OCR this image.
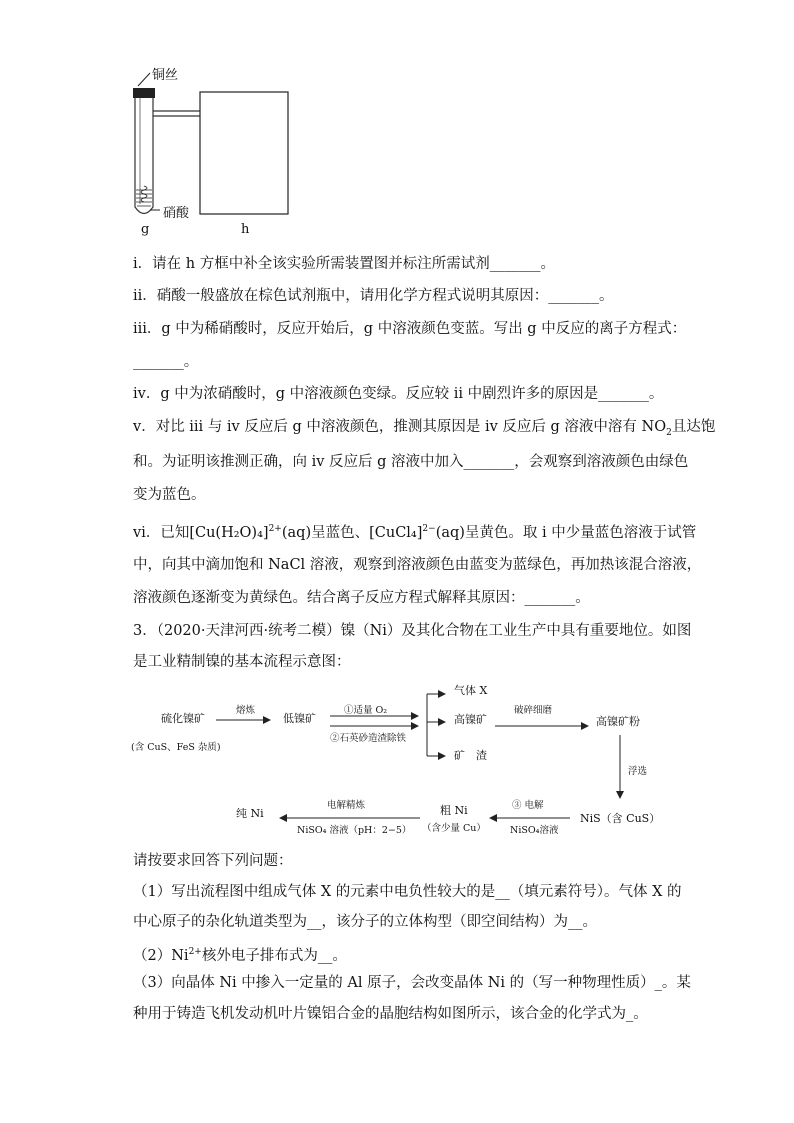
铜丝
硝酸
g	h
ⅰ．请在 h 方框中补全该实验所需装置图并标注所需试剂_______。
ⅱ．硝酸一般盛放在棕色试剂瓶中，请用化学方程式说明其原因：_______。
ⅲ．g 中为稀硝酸时，反应开始后，g 中溶液颜色变蓝。写出 g 中反应的离子方程式：
_______。
ⅳ．g 中为浓硝酸时，g 中溶液颜色变绿。反应较 ⅱ 中剧烈许多的原因是_______。
ⅴ．对比 ⅲ 与 ⅳ 反应后 g 中溶液颜色，推测其原因是 ⅳ 反应后 g 溶液中溶有 $NO_2$且达饱
和。为证明该推测正确，向 ⅳ 反应后 g 溶液中加入_______，会观察到溶液颜色由绿色
变为蓝色。
ⅵ．已知$[Cu(H_2O)_4]^{2+}(aq)$呈蓝色、[CuCl₄]$^{2-}$(aq)呈黄色。取 ⅰ 中少量蓝色溶液于试管
中，向其中滴加饱和 NaCl 溶液，观察到溶液颜色由蓝变为蓝绿色，再加热该混合溶液，
溶液颜色逐渐变为黄绿色。结合离子反应方程式解释其原因：_______。
3．（2020·天津河西·统考二模）镍（Ni）及其化合物在工业生产中具有重要地位。如图
是工业精制镍的基本流程示意图：
硫化镍矿
(含 CuS、FeS 杂质)
熔炼
低镍矿
①适量 O₂
②石英砂造渣除铁
气体 X
高镍矿
矿　渣
破碎细磨
高镍矿粉
浮选
NiS（含 CuS）
③ 电解
NiSO₄溶液
粗 Ni
（含少量 Cu）
电解精炼
NiSO₄ 溶液（pH：2−5）
纯 Ni
请按要求回答下列问题：
（1）写出流程图中组成气体 X 的元素中电负性较大的是__（填元素符号）。气体 X 的
中心原子的杂化轨道类型为__，该分子的立体构型（即空间结构）为__。
$(2)Ni^{2+}$核外电子排布式为__。
（3）向晶体 Ni 中掺入一定量的 Al 原子，会改变晶体 Ni 的（写一种物理性质）_。某
种用于铸造飞机发动机叶片镍铝合金的晶胞结构如图所示，该合金的化学式为_。
